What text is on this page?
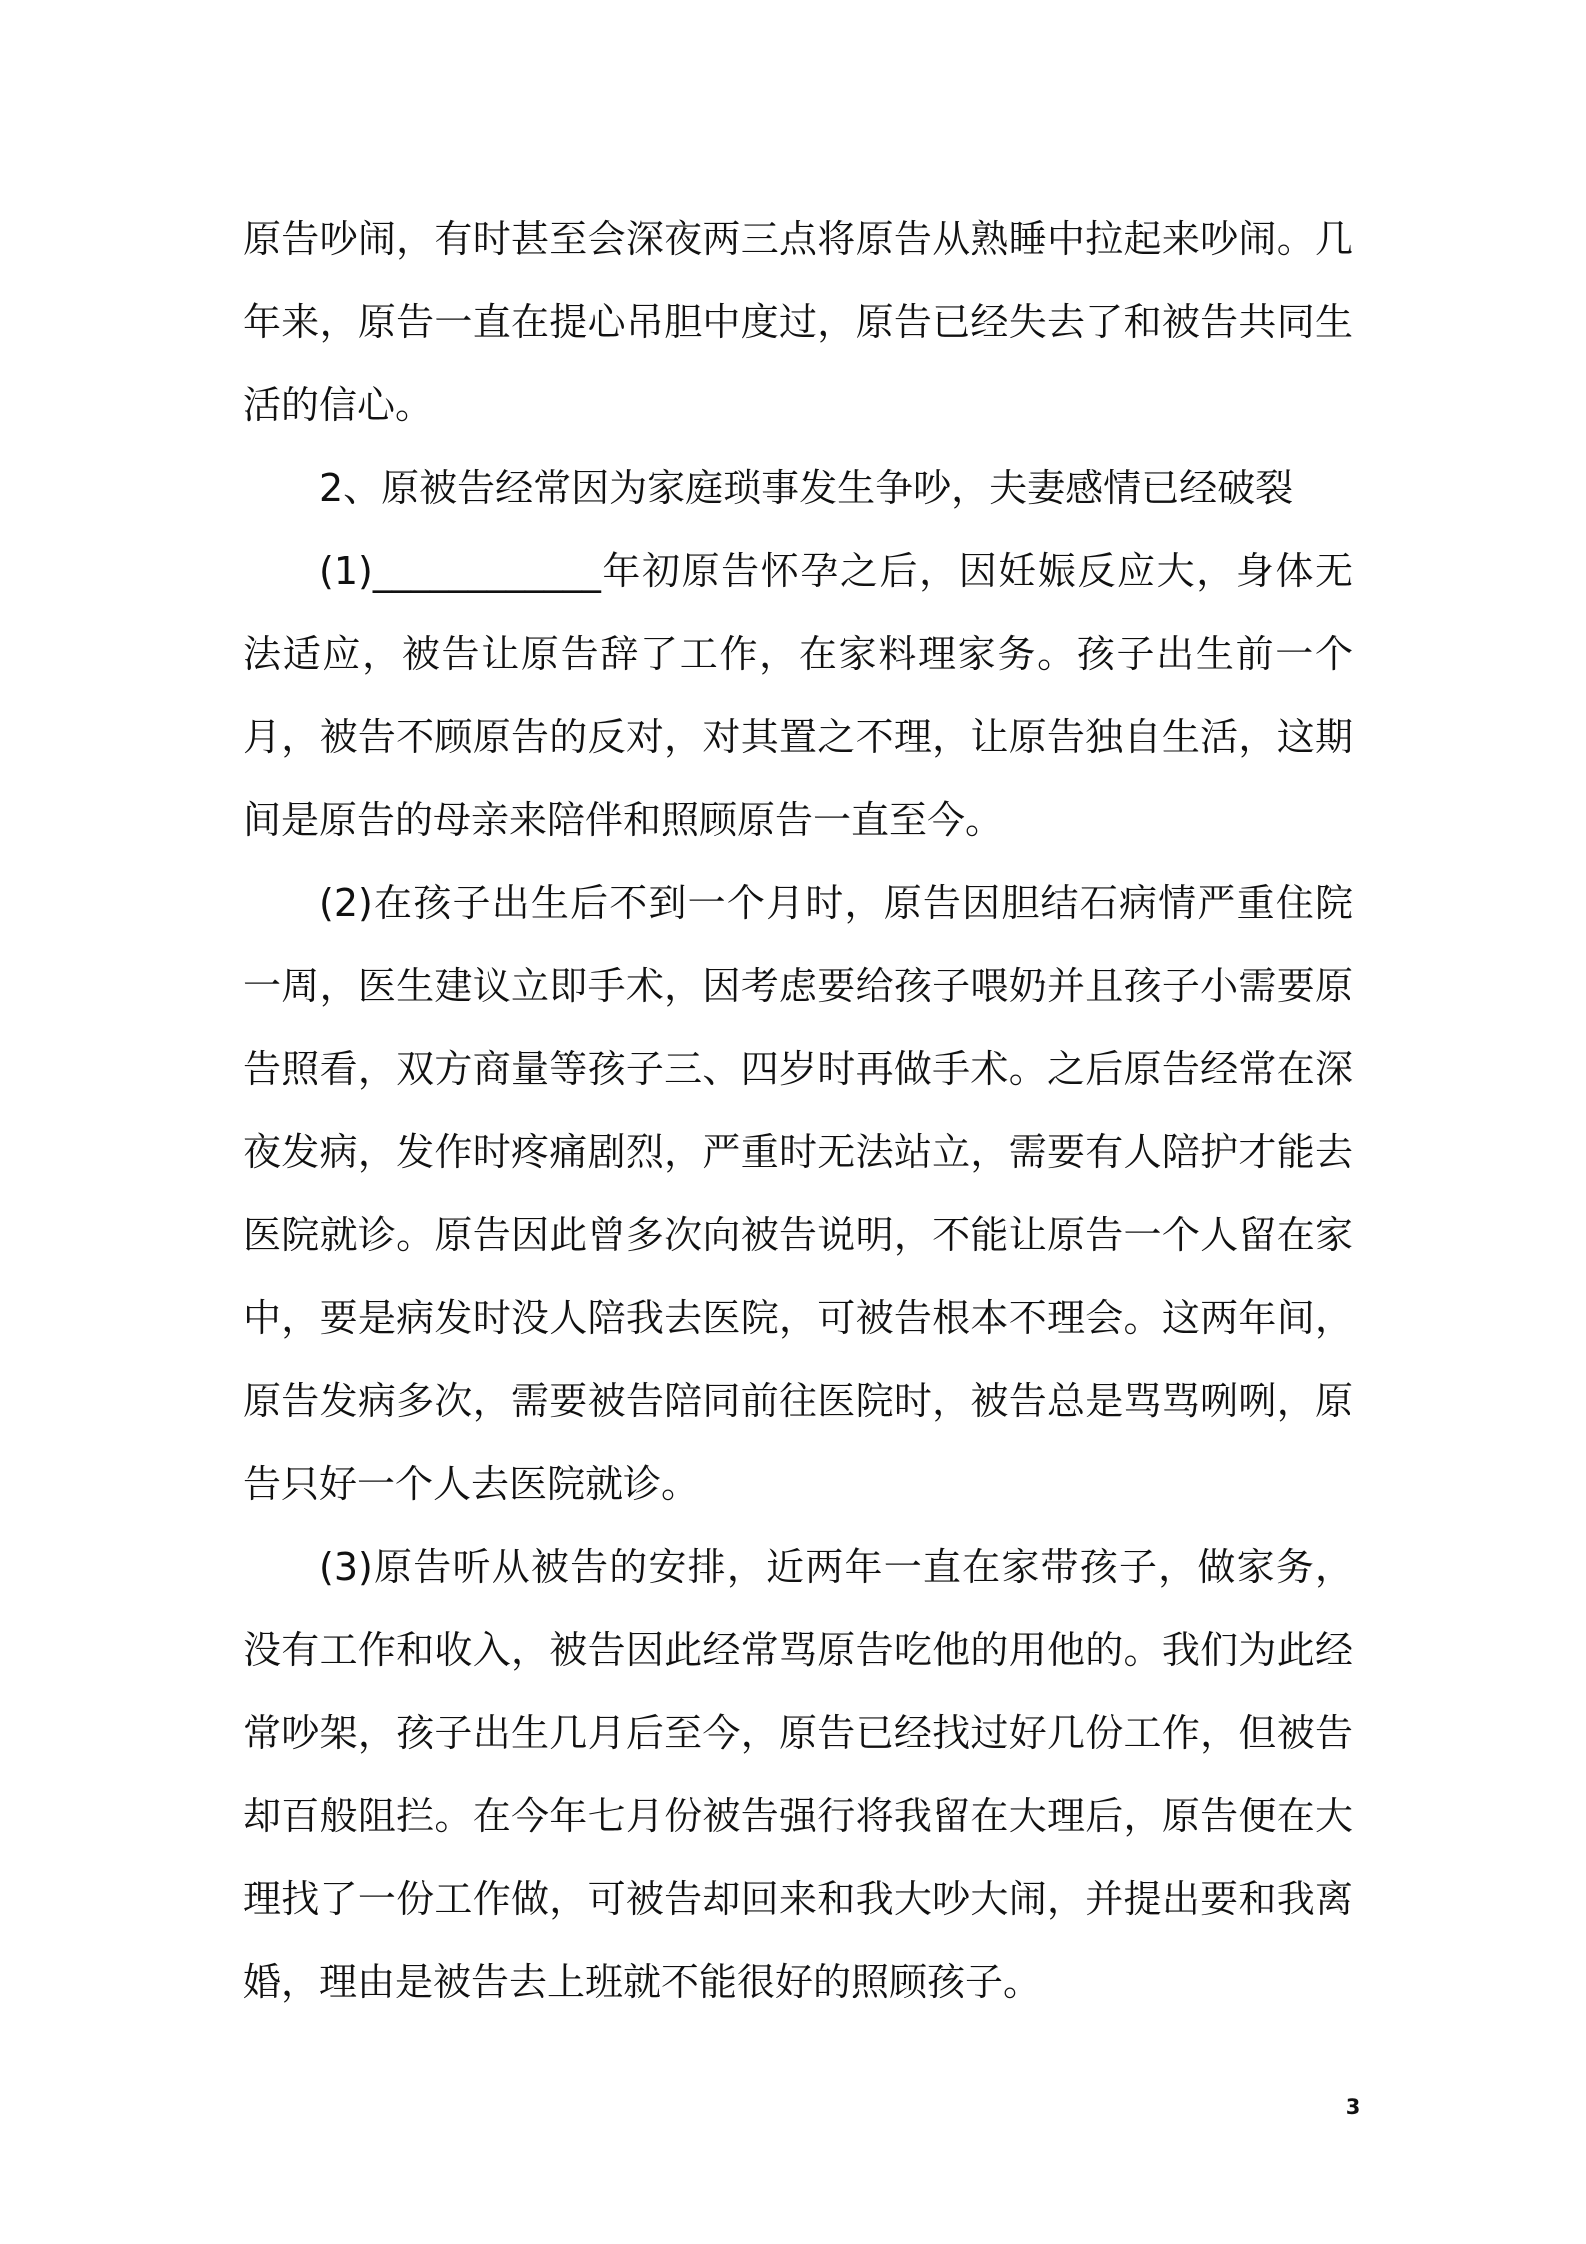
原告吵闹，有时甚至会深夜两三点将原告从熟睡中拉起来吵闹。几年来，原告一直在提心吊胆中度过，原告已经失去了和被告共同生活的信心。

2、原被告经常因为家庭琐事发生争吵，夫妻感情已经破裂

(1)____________年初原告怀孕之后，因妊娠反应大，身体无法适应，被告让原告辞了工作，在家料理家务。孩子出生前一个月，被告不顾原告的反对，对其置之不理，让原告独自生活，这期间是原告的母亲来陪伴和照顾原告一直至今。

(2)在孩子出生后不到一个月时，原告因胆结石病情严重住院一周，医生建议立即手术，因考虑要给孩子喂奶并且孩子小需要原告照看，双方商量等孩子三、四岁时再做手术。之后原告经常在深夜发病，发作时疼痛剧烈，严重时无法站立，需要有人陪护才能去医院就诊。原告因此曾多次向被告说明，不能让原告一个人留在家中，要是病发时没人陪我去医院，可被告根本不理会。这两年间，原告发病多次，需要被告陪同前往医院时，被告总是骂骂咧咧，原告只好一个人去医院就诊。

(3)原告听从被告的安排，近两年一直在家带孩子，做家务，没有工作和收入，被告因此经常骂原告吃他的用他的。我们为此经常吵架，孩子出生几月后至今，原告已经找过好几份工作，但被告却百般阻拦。在今年七月份被告强行将我留在大理后，原告便在大理找了一份工作做，可被告却回来和我大吵大闹，并提出要和我离婚，理由是被告去上班就不能很好的照顾孩子。

3
